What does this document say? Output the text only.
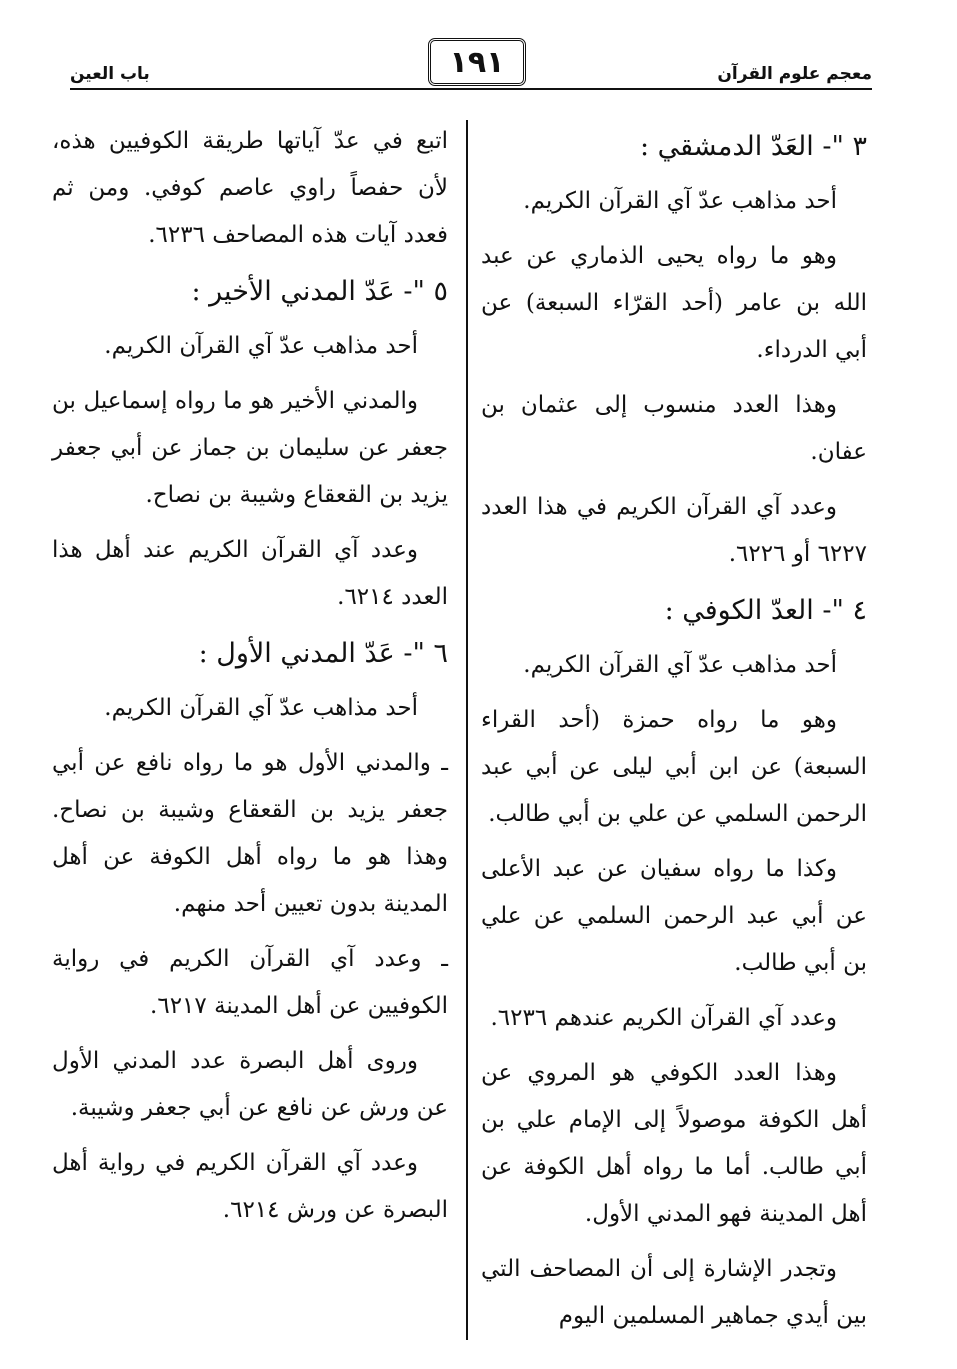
معجم علوم القرآن
١٩١
باب العين
٣ "- العَدّ الدمشقي :

أحد مذاهب عدّ آي القرآن الكريم.

وهو ما رواه يحيى الذماري عن عبد الله بن عامر (أحد القرّاء السبعة) عن أبي الدرداء.

وهذا العدد منسوب إلى عثمان بن عفان.

وعدد آي القرآن الكريم في هذا العدد ٦٢٢٧ أو ٦٢٢٦.

٤ "- العدّ الكوفي :

أحد مذاهب عدّ آي القرآن الكريم.

وهو ما رواه حمزة (أحد القراء السبعة) عن ابن أبي ليلى عن أبي عبد الرحمن السلمي عن علي بن أبي طالب.

وكذا ما رواه سفيان عن عبد الأعلى عن أبي عبد الرحمن السلمي عن علي بن أبي طالب.

وعدد آي القرآن الكريم عندهم ٦٢٣٦.

وهذا العدد الكوفي هو المروي عن أهل الكوفة موصولاً إلى الإمام علي بن أبي طالب. أما ما رواه أهل الكوفة عن أهل المدينة فهو المدني الأول.

وتجدر الإشارة إلى أن المصاحف التي بين أيدي جماهير المسلمين اليوم

اتبع في عدّ آياتها طريقة الكوفيين هذه، لأن حفصاً راوي عاصم كوفي. ومن ثم فعدد آيات هذه المصاحف ٦٢٣٦.

٥ "- عَدّ المدني الأخير :

أحد مذاهب عدّ آي القرآن الكريم.

والمدني الأخير هو ما رواه إسماعيل بن جعفر عن سليمان بن جماز عن أبي جعفر يزيد بن القعقاع وشيبة بن نصاح.

وعدد آي القرآن الكريم عند أهل هذا العدد ٦٢١٤.

٦ "- عَدّ المدني الأول :

أحد مذاهب عدّ آي القرآن الكريم.

ـ والمدني الأول هو ما رواه نافع عن أبي جعفر يزيد بن القعقاع وشيبة بن نصاح. وهذا هو ما رواه أهل الكوفة عن أهل المدينة بدون تعيين أحد منهم.

ـ وعدد آي القرآن الكريم في رواية الكوفيين عن أهل المدينة ٦٢١٧.

وروى أهل البصرة عدد المدني الأول عن ورش عن نافع عن أبي جعفر وشيبة.

وعدد آي القرآن الكريم في رواية أهل البصرة عن ورش ٦٢١٤.
